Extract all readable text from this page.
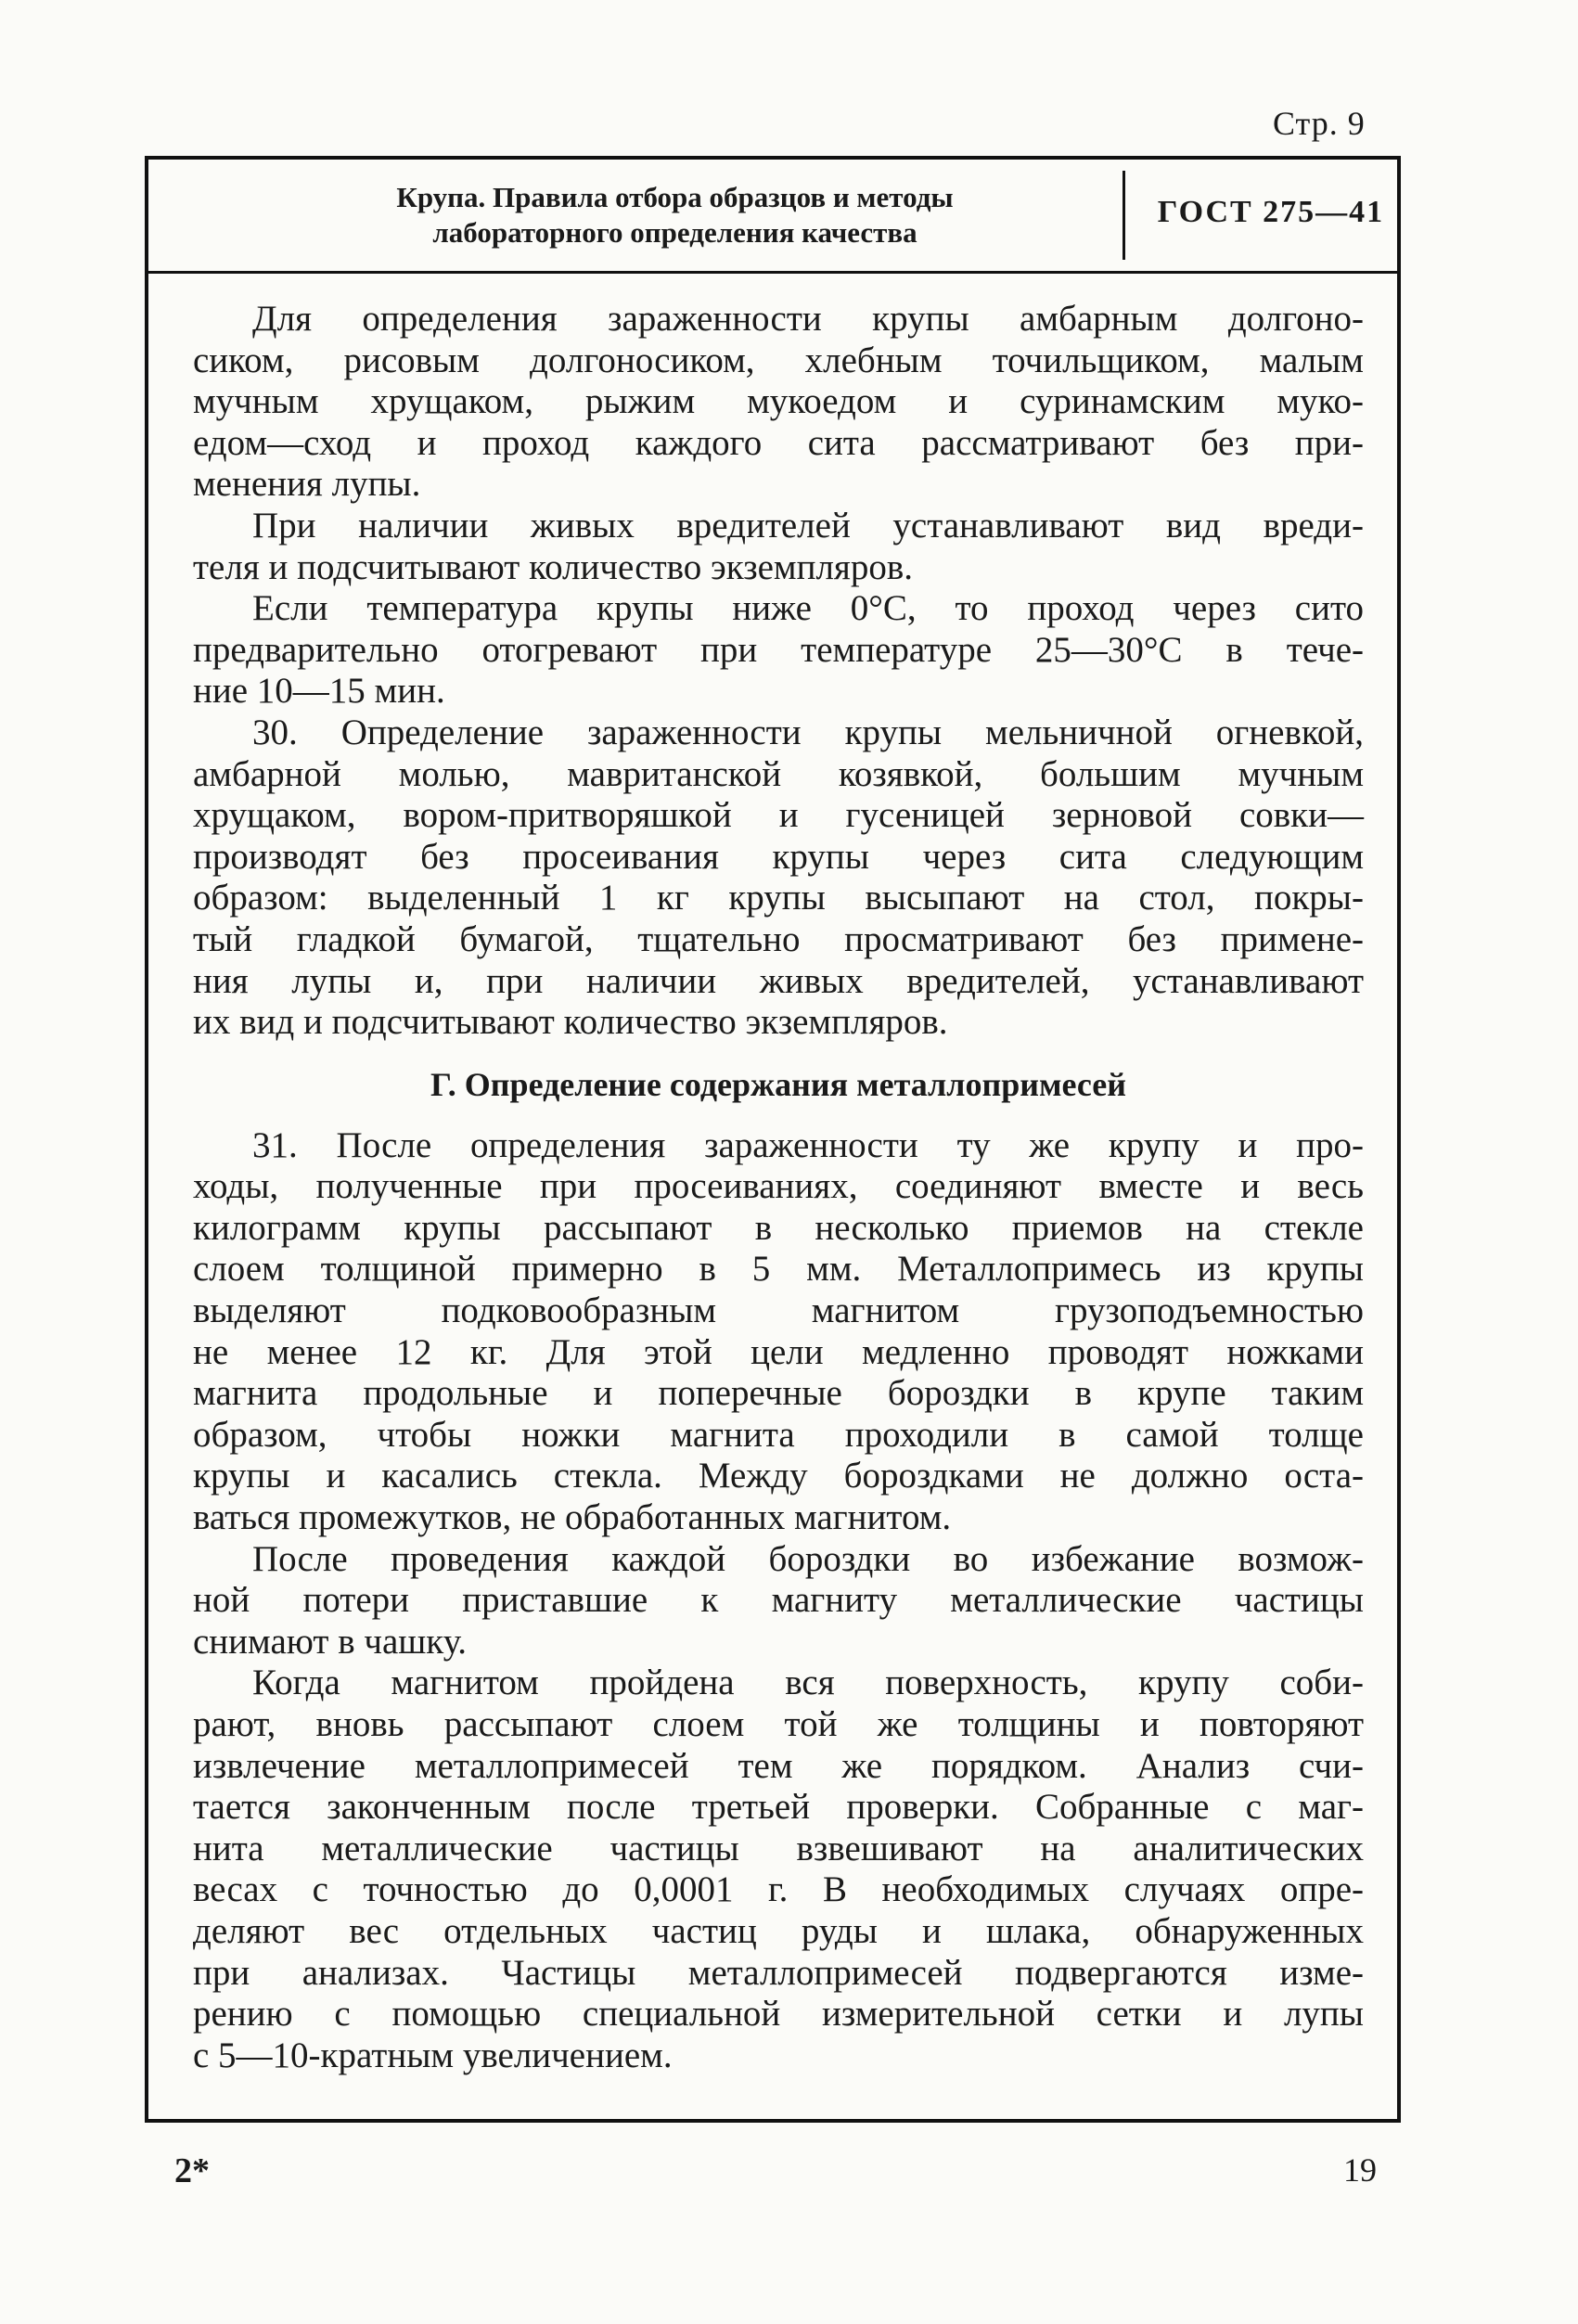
Стр. 9
Крупа. Правила отбора образцов и методы
лабораторного определения качества
ГОСТ 275—41
Для определения зараженности крупы амбарным долгоно-
сиком, рисовым долгоносиком, хлебным точильщиком, малым
мучным хрущаком, рыжим мукоедом и суринамским муко-
едом—сход и проход каждого сита рассматривают без при-
менения лупы.
При наличии живых вредителей устанавливают вид вреди-
теля и подсчитывают количество экземпляров.
Если температура крупы ниже 0°С, то проход через сито
предварительно отогревают при температуре 25—30°С в тече-
ние 10—15 мин.
30. Определение зараженности крупы мельничной огневкой,
амбарной молью, мавританской козявкой, большим мучным
хрущаком, вором-притворяшкой и гусеницей зерновой совки—
производят без просеивания крупы через сита следующим
образом: выделенный 1 кг крупы высыпают на стол, покры-
тый гладкой бумагой, тщательно просматривают без примене-
ния лупы и, при наличии живых вредителей, устанавливают
их вид и подсчитывают количество экземпляров.
Г. Определение содержания металлопримесей
31. После определения зараженности ту же крупу и про-
ходы, полученные при просеиваниях, соединяют вместе и весь
килограмм крупы рассыпают в несколько приемов на стекле
слоем толщиной примерно в 5 мм. Металлопримесь из крупы
выделяют подковообразным магнитом грузоподъемностью
не менее 12 кг. Для этой цели медленно проводят ножками
магнита продольные и поперечные бороздки в крупе таким
образом, чтобы ножки магнита проходили в самой толще
крупы и касались стекла. Между бороздками не должно оста-
ваться промежутков, не обработанных магнитом.
После проведения каждой бороздки во избежание возмож-
ной потери приставшие к магниту металлические частицы
снимают в чашку.
Когда магнитом пройдена вся поверхность, крупу соби-
рают, вновь рассыпают слоем той же толщины и повторяют
извлечение металлопримесей тем же порядком. Анализ счи-
тается законченным после третьей проверки. Собранные с маг-
нита металлические частицы взвешивают на аналитических
весах с точностью до 0,0001 г. В необходимых случаях опре-
деляют вес отдельных частиц руды и шлака, обнаруженных
при анализах. Частицы металлопримесей подвергаются изме-
рению с помощью специальной измерительной сетки и лупы
с 5—10-кратным увеличением.
2*	19
